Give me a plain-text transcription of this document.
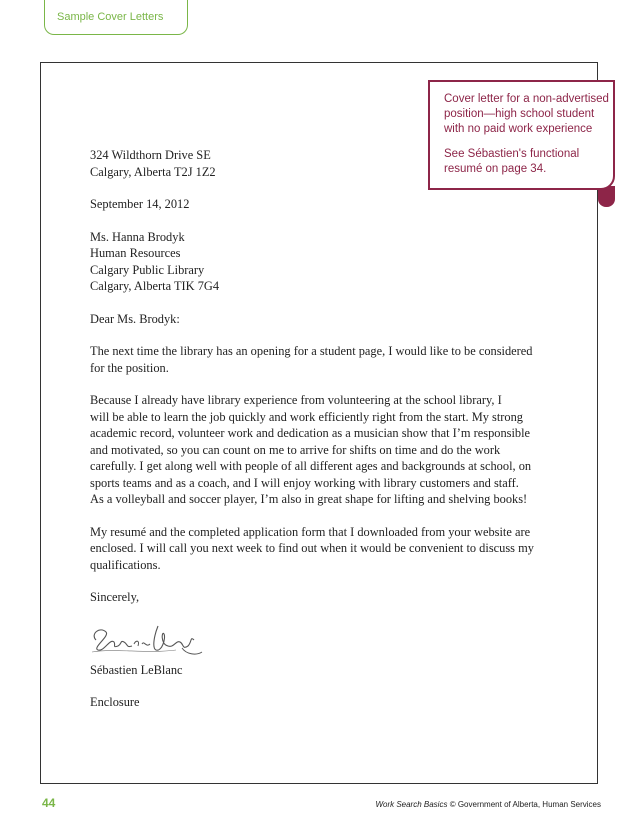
Sample Cover Letters

Cover letter for a non-advertised
position—high school student
with no paid work experience

See Sébastien's functional
resumé on page 34.

324 Wildthorn Drive SE
Calgary, Alberta T2J 1Z2
September 14, 2012
Ms. Hanna Brodyk
Human Resources
Calgary Public Library
Calgary, Alberta TIK 7G4
Dear Ms. Brodyk:
The next time the library has an opening for a student page, I would like to be considered
for the position.
Because I already have library experience from volunteering at the school library, I
will be able to learn the job quickly and work efficiently right from the start. My strong
academic record, volunteer work and dedication as a musician show that I’m responsible
and motivated, so you can count on me to arrive for shifts on time and do the work
carefully. I get along well with people of all different ages and backgrounds at school, on
sports teams and as a coach, and I will enjoy working with library customers and staff.
As a volleyball and soccer player, I’m also in great shape for lifting and shelving books!
My resumé and the completed application form that I downloaded from your website are
enclosed. I will call you next week to find out when it would be convenient to discuss my
qualifications.
Sincerely,
Sébastien LeBlanc
Enclosure
44	Work Search Basics © Government of Alberta, Human Services
